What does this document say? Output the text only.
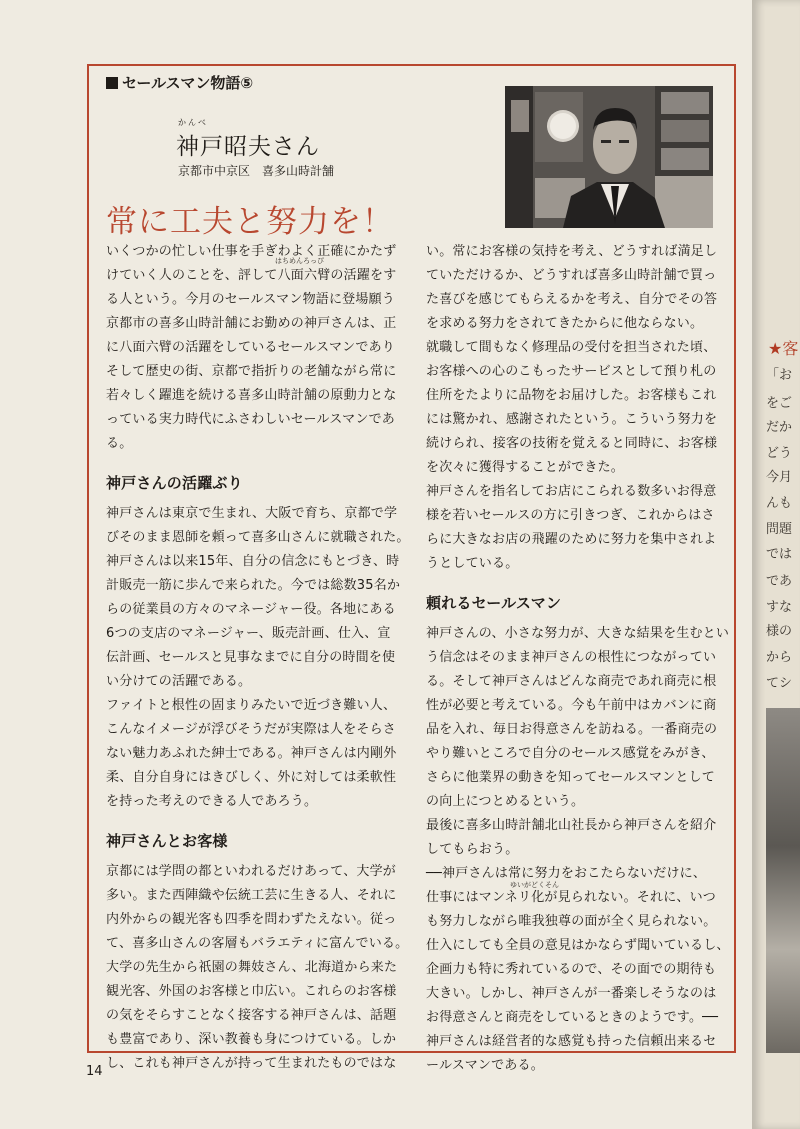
セールスマン物語⑤
かんべ
神戸昭夫さん
京都市中京区　喜多山時計舗
常に工夫と努力を！
はちめんろっぴ
ゆいがどくそん
いくつかの忙しい仕事を手ぎわよく正確にかたず
けていく人のことを、評して八面六臂の活躍をす
る人という。今月のセールスマン物語に登場願う
京都市の喜多山時計舗にお勤めの神戸さんは、正
に八面六臂の活躍をしているセールスマンであり
そして歴史の街、京都で指折りの老舗ながら常に
若々しく躍進を続ける喜多山時計舗の原動力とな
っている実力時代にふさわしいセールスマンであ
る。
神戸さんの活躍ぶり
神戸さんは東京で生まれ、大阪で育ち、京都で学
びそのまま恩師を頼って喜多山さんに就職された。
神戸さんは以来15年、自分の信念にもとづき、時
計販売一筋に歩んで来られた。今では総数35名か
らの従業員の方々のマネージャー役。各地にある
6つの支店のマネージャー、販売計画、仕入、宣
伝計画、セールスと見事なまでに自分の時間を使
い分けての活躍である。
ファイトと根性の固まりみたいで近づき難い人、
こんなイメージが浮びそうだが実際は人をそらさ
ない魅力あふれた紳士である。神戸さんは内剛外
柔、自分自身にはきびしく、外に対しては柔軟性
を持った考えのできる人であろう。
神戸さんとお客様
京都には学問の都といわれるだけあって、大学が
多い。また西陣織や伝統工芸に生きる人、それに
内外からの観光客も四季を問わずたえない。従っ
て、喜多山さんの客層もバラエティに富んでいる。
大学の先生から祇園の舞妓さん、北海道から来た
観光客、外国のお客様と巾広い。これらのお客様
の気をそらすことなく接客する神戸さんは、話題
も豊富であり、深い教養も身につけている。しか
し、これも神戸さんが持って生まれたものではな
い。常にお客様の気持を考え、どうすれば満足し
ていただけるか、どうすれば喜多山時計舗で買っ
た喜びを感じてもらえるかを考え、自分でその答
を求める努力をされてきたからに他ならない。
就職して間もなく修理品の受付を担当された頃、
お客様への心のこもったサービスとして預り札の
住所をたよりに品物をお届けした。お客様もこれ
には驚かれ、感謝されたという。こういう努力を
続けられ、接客の技術を覚えると同時に、お客様
を次々に獲得することができた。
神戸さんを指名してお店にこられる数多いお得意
様を若いセールスの方に引きつぎ、これからはさ
らに大きなお店の飛躍のために努力を集中されよ
うとしている。
頼れるセールスマン
神戸さんの、小さな努力が、大きな結果を生むとい
う信念はそのまま神戸さんの根性につながってい
る。そして神戸さんはどんな商売であれ商売に根
性が必要と考えている。今も午前中はカバンに商
品を入れ、毎日お得意さんを訪ねる。一番商売の
やり難いところで自分のセールス感覚をみがき、
さらに他業界の動きを知ってセールスマンとして
の向上につとめるという。
最後に喜多山時計舗北山社長から神戸さんを紹介
してもらおう。
──神戸さんは常に努力をおこたらないだけに、
仕事にはマンネリ化が見られない。それに、いつ
も努力しながら唯我独尊の面が全く見られない。
仕入にしても全員の意見はかならず聞いているし、
企画力も特に秀れているので、その面での期待も
大きい。しかし、神戸さんが一番楽しそうなのは
お得意さんと商売をしているときのようです。──
神戸さんは経営者的な感覚も持った信頼出来るセ
ールスマンである。
14
★客
「お
をご
だか
どう
今月
んも
問題
では
であ
すな
様の
から
てシ
